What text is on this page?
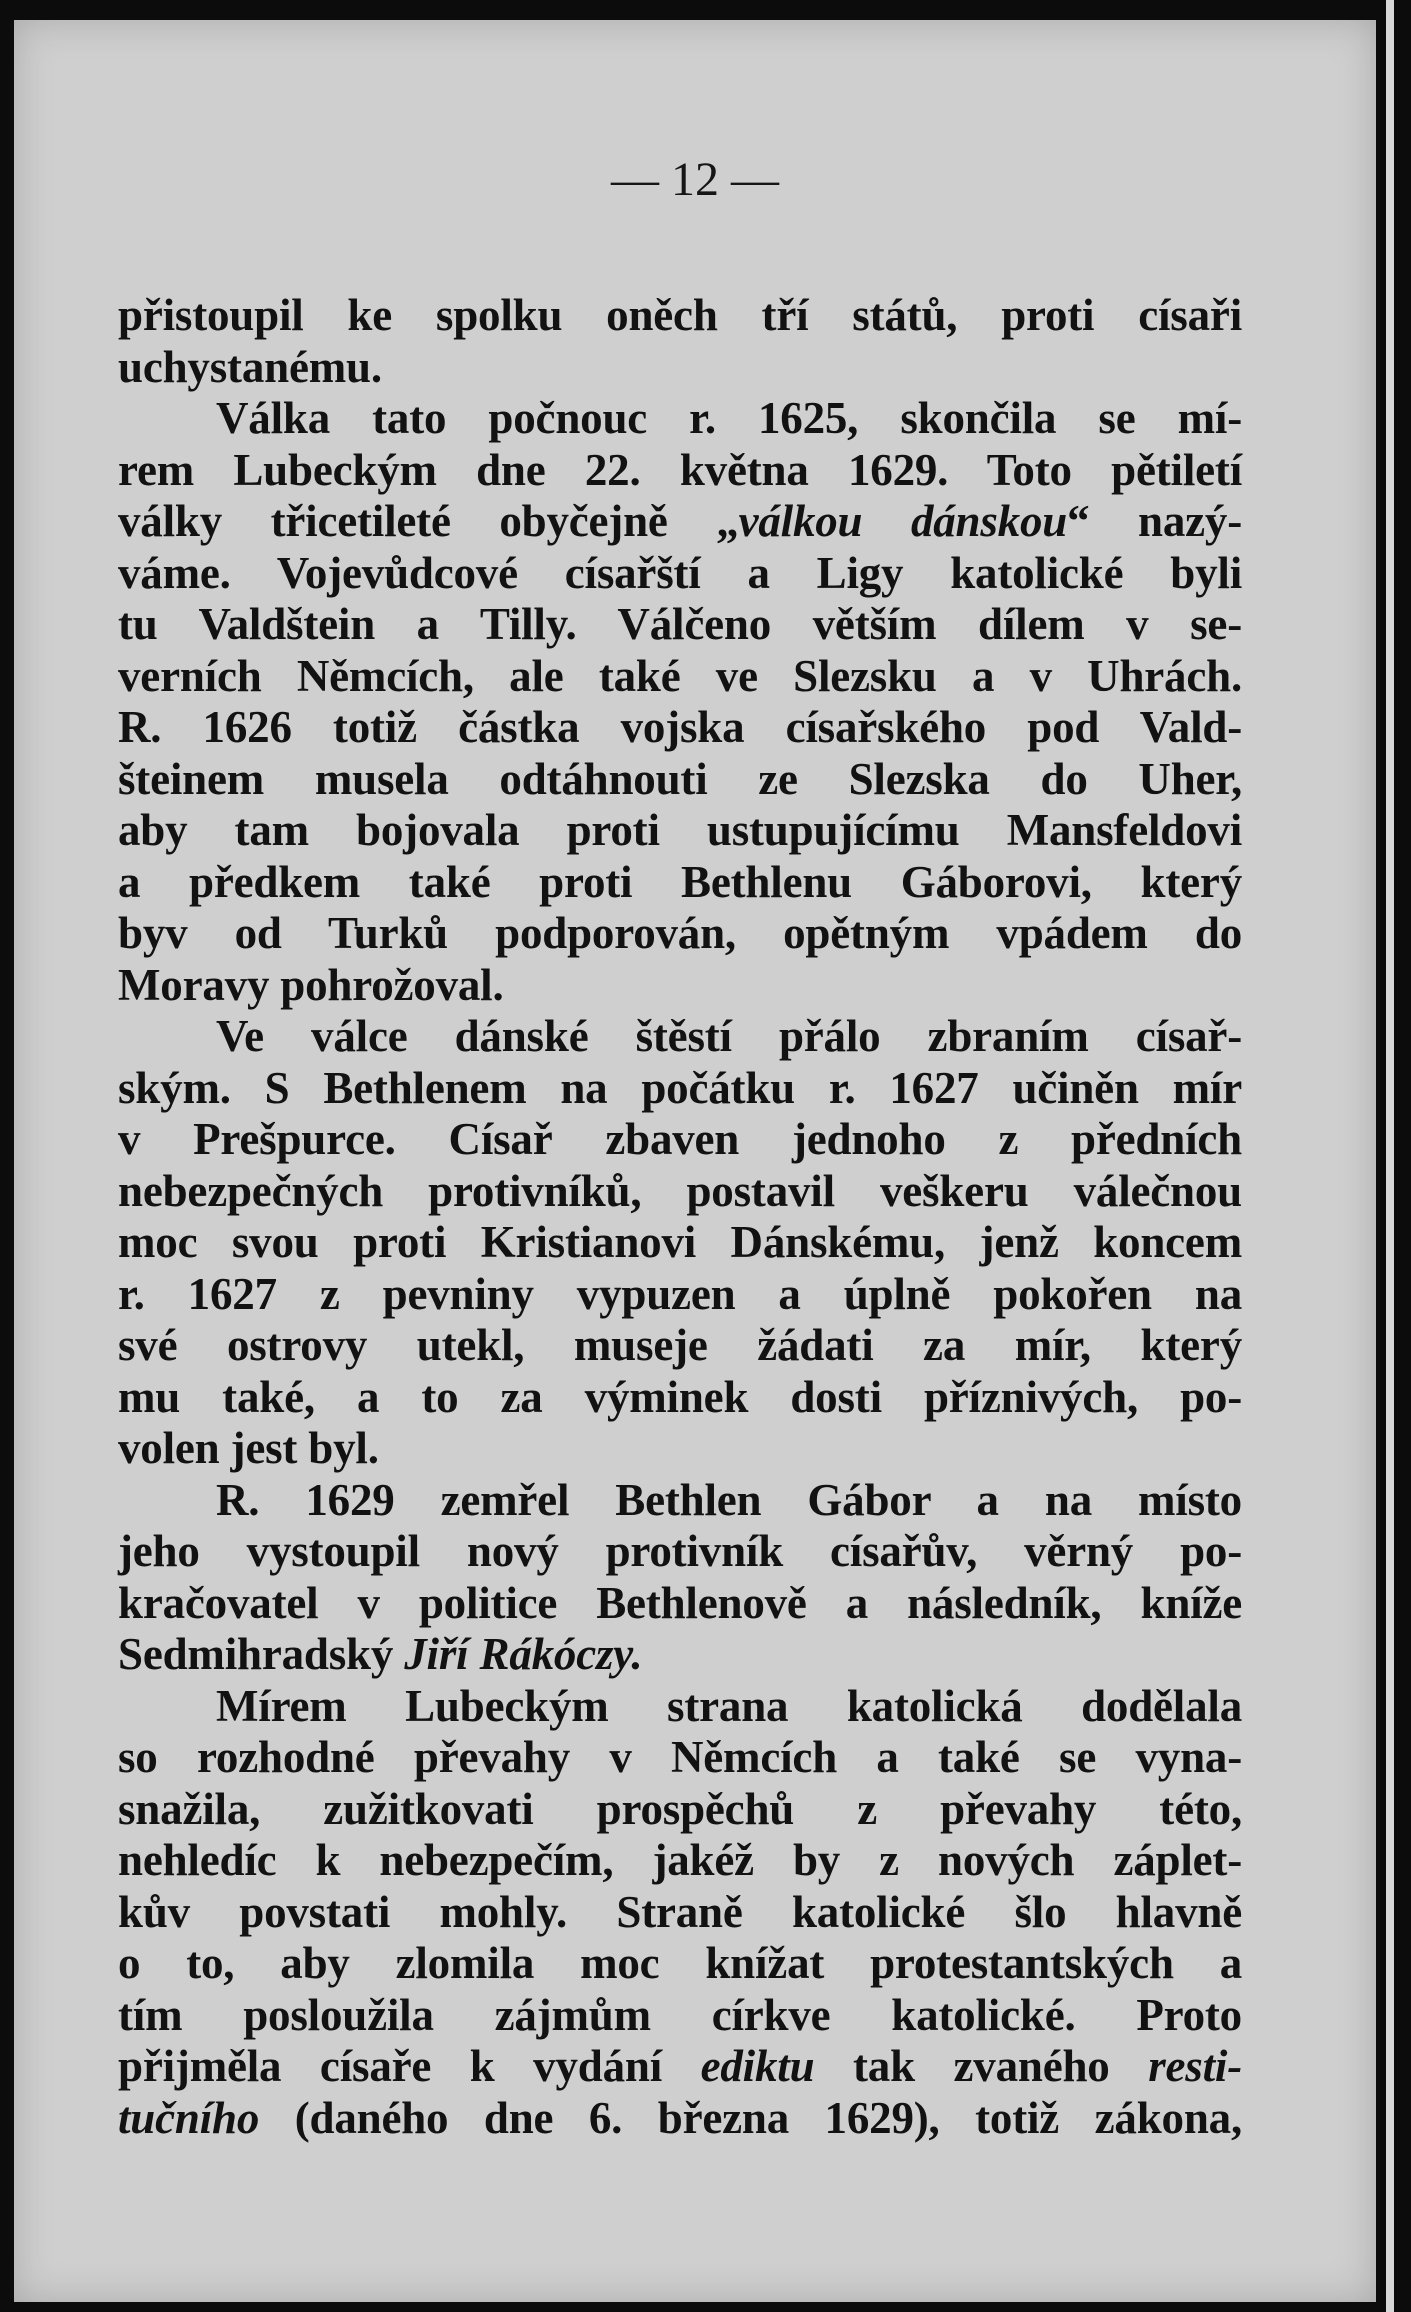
— 12 —
přistoupil ke spolku oněch tří států, proti císaři
uchystanému.
Válka tato počnouc r. 1625, skončila se mí-
rem Lubeckým dne 22. května 1629. Toto pětiletí
války třicetileté obyčejně „válkou dánskou“ nazý-
váme. Vojevůdcové císařští a Ligy katolické byli
tu Valdštein a Tilly. Válčeno větším dílem v se-
verních Němcích, ale také ve Slezsku a v Uhrách.
R. 1626 totiž částka vojska císařského pod Vald-
šteinem musela odtáhnouti ze Slezska do Uher,
aby tam bojovala proti ustupujícímu Mansfeldovi
a předkem také proti Bethlenu Gáborovi, který
byv od Turků podporován, opětným vpádem do
Moravy pohrožoval.
Ve válce dánské štěstí přálo zbraním císař-
ským. S Bethlenem na počátku r. 1627 učiněn mír
v Prešpurce. Císař zbaven jednoho z předních
nebezpečných protivníků, postavil veškeru válečnou
moc svou proti Kristianovi Dánskému, jenž koncem
r. 1627 z pevniny vypuzen a úplně pokořen na
své ostrovy utekl, museje žádati za mír, který
mu také, a to za výminek dosti příznivých, po-
volen jest byl.
R. 1629 zemřel Bethlen Gábor a na místo
jeho vystoupil nový protivník císařův, věrný po-
kračovatel v politice Bethlenově a následník, kníže
Sedmihradský Jiří Rákóczy.
Mírem Lubeckým strana katolická dodělala
so rozhodné převahy v Němcích a také se vyna-
snažila, zužitkovati prospěchů z převahy této,
nehledíc k nebezpečím, jakéž by z nových záplet-
kův povstati mohly. Straně katolické šlo hlavně
o to, aby zlomila moc knížat protestantských a
tím posloužila zájmům církve katolické. Proto
přijměla císaře k vydání ediktu tak zvaného resti-
tučního (daného dne 6. března 1629), totiž zákona,
